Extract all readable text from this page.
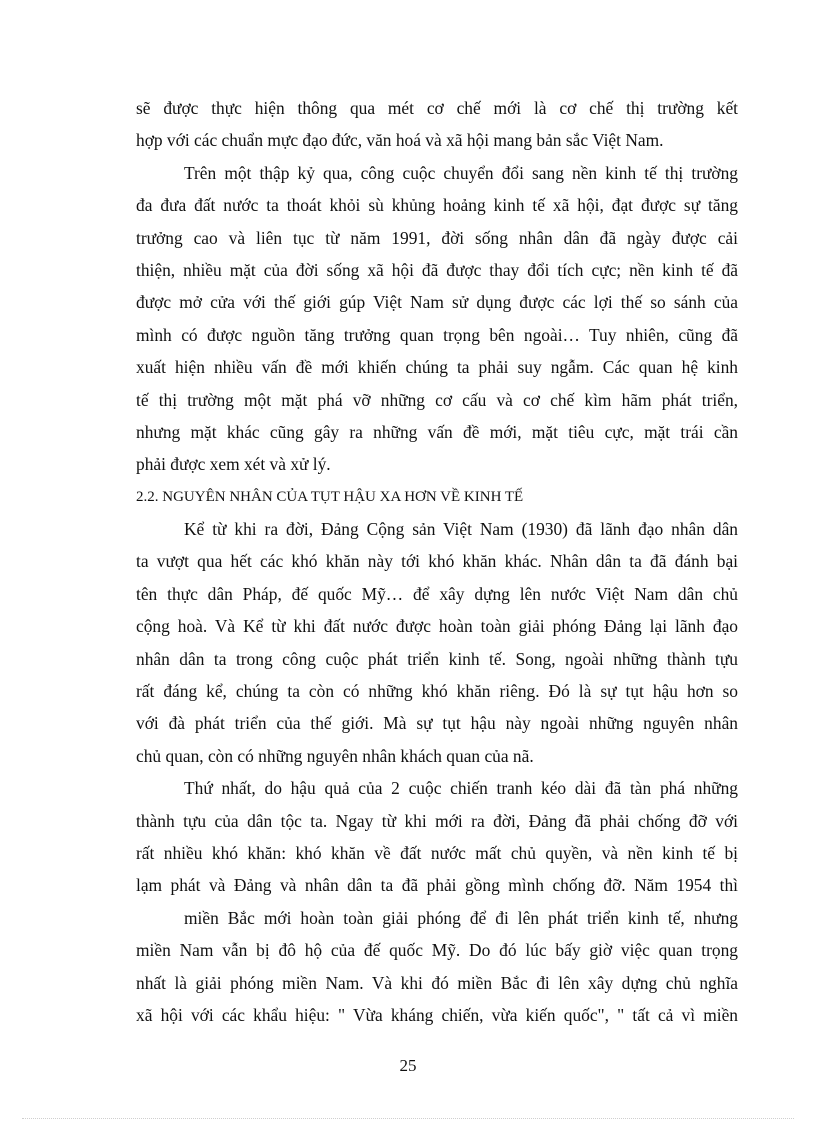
sẽ được thực hiện thông qua mét cơ chế mới là cơ chế thị trường kết
hợp với các chuẩn mực đạo đức, văn hoá và xã hội mang bản sắc Việt Nam.
Trên một thập kỷ qua, công cuộc chuyển đổi sang nền kinh tế thị trường
đa đưa đất nước ta thoát khỏi sù khủng hoảng kinh tế xã hội, đạt được sự tăng
trưởng cao và liên tục từ năm 1991, đời sống nhân dân đã ngày được cải
thiện, nhiều mặt của đời sống xã hội đã được thay đổi tích cực; nền kinh tế đã
được mở cửa với thế giới gúp Việt Nam sử dụng được các lợi thế so sánh của
mình có được nguồn tăng trưởng quan trọng bên ngoài… Tuy nhiên, cũng đã
xuất hiện nhiều vấn đề mới khiến chúng ta phải suy ngẫm. Các quan hệ kinh
tế thị trường một mặt phá vỡ những cơ cấu và cơ chế kìm hãm phát triển,
nhưng mặt khác cũng gây ra những vấn đề mới, mặt tiêu cực, mặt trái cần
phải được xem xét và xử lý.
2.2. NGUYÊN NHÂN CỦA TỤT HẬU XA HƠN VỀ KINH TẾ
Kể từ khi ra đời, Đảng Cộng sản Việt Nam (1930) đã lãnh đạo nhân dân
ta vượt qua hết các khó khăn này tới khó khăn khác. Nhân dân ta đã đánh bại
tên thực dân Pháp, đế quốc Mỹ… để xây dựng lên nước Việt Nam dân chủ
cộng hoà. Và Kể từ khi đất nước được hoàn toàn giải phóng Đảng lại lãnh đạo
nhân dân ta trong công cuộc phát triển kinh tế. Song, ngoài những thành tựu
rất đáng kể, chúng ta còn có những khó khăn riêng. Đó là sự tụt hậu hơn so
với đà phát triển của thế giới. Mà sự tụt hậu này ngoài những nguyên nhân
chủ quan, còn có những nguyên nhân khách quan của nã.
Thứ nhất, do hậu quả của 2 cuộc chiến tranh kéo dài đã tàn phá những
thành tựu của dân tộc ta. Ngay từ khi mới ra đời, Đảng đã phải chống đỡ với
rất nhiều khó khăn: khó khăn về đất nước mất chủ quyền, và nền kinh tế bị
lạm phát và Đảng và nhân dân ta đã phải gồng mình chống đỡ. Năm 1954 thì
miền Bắc mới hoàn toàn giải phóng để đi lên phát triển kinh tế, nhưng
miền Nam vẫn bị đô hộ của đế quốc Mỹ. Do đó lúc bấy giờ việc quan trọng
nhất là giải phóng miền Nam. Và khi đó miền Bắc đi lên xây dựng chủ nghĩa
xã hội với các khẩu hiệu: " Vừa kháng chiến, vừa kiến quốc", " tất cả vì miền
25
